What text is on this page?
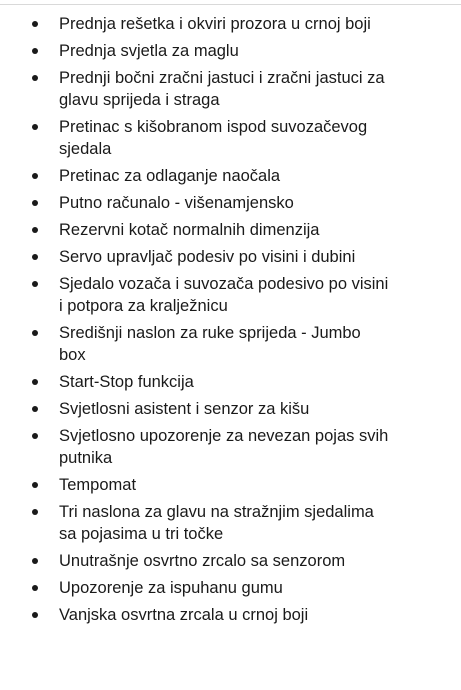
Prednja rešetka i okviri prozora u crnoj boji
Prednja svjetla za maglu
Prednji bočni zračni jastuci i zračni jastuci za glavu sprijeda i straga
Pretinac s kišobranom ispod suvozačevog sjedala
Pretinac za odlaganje naočala
Putno računalo - višenamjensko
Rezervni kotač normalnih dimenzija
Servo upravljač podesiv po visini i dubini
Sjedalo vozača i suvozača podesivo po visini i potpora za kralježnicu
Središnji naslon za ruke sprijeda - Jumbo box
Start-Stop funkcija
Svjetlosni asistent i senzor za kišu
Svjetlosno upozorenje za nevezan pojas svih putnika
Tempomat
Tri naslona za glavu na stražnjim sjedalima sa pojasima u tri točke
Unutrašnje osvrtno zrcalo sa senzorom
Upozorenje za ispuhanu gumu
Vanjska osvrtna zrcala u crnoj boji
